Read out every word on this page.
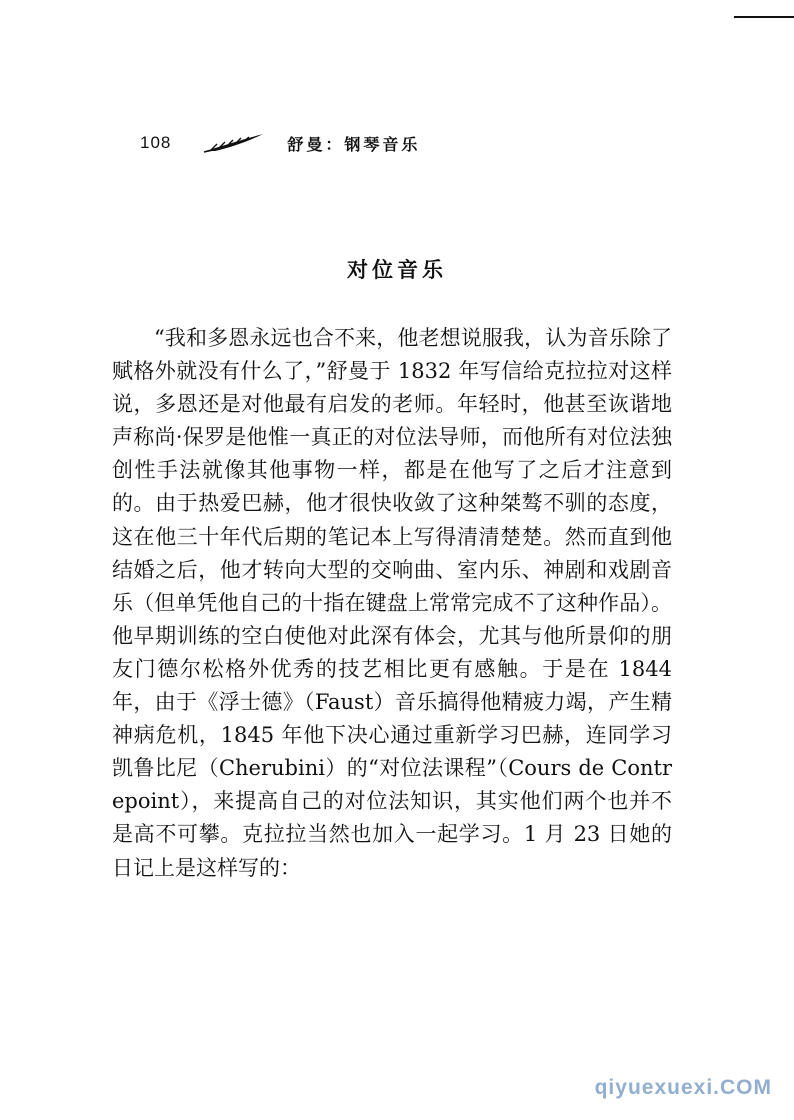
108	舒曼：钢琴音乐
对位音乐

“我和多恩永远也合不来，他老想说服我，认为音乐除了赋格外就没有什么了，”舒曼于 1832 年写信给克拉拉对这样说，多恩还是对他最有启发的老师。年轻时，他甚至诙谐地声称尚·保罗是他惟一真正的对位法导师，而他所有对位法独创性手法就像其他事物一样，都是在他写了之后才注意到的。由于热爱巴赫，他才很快收敛了这种桀骜不驯的态度，这在他三十年代后期的笔记本上写得清清楚楚。然而直到他结婚之后，他才转向大型的交响曲、室内乐、神剧和戏剧音乐（但单凭他自己的十指在键盘上常常完成不了这种作品）。他早期训练的空白使他对此深有体会，尤其与他所景仰的朋友门德尔松格外优秀的技艺相比更有感触。于是在 1844 年，由于《浮士德》（Faust）音乐搞得他精疲力竭，产生精神病危机，1845 年他下决心通过重新学习巴赫，连同学习凯鲁比尼（Cherubini）的“对位法课程”（Cours de Contrepoint），来提高自己的对位法知识，其实他们两个也并不是高不可攀。克拉拉当然也加入一起学习。1 月 23 日她的日记上是这样写的：

qiyuexuexi.COM
